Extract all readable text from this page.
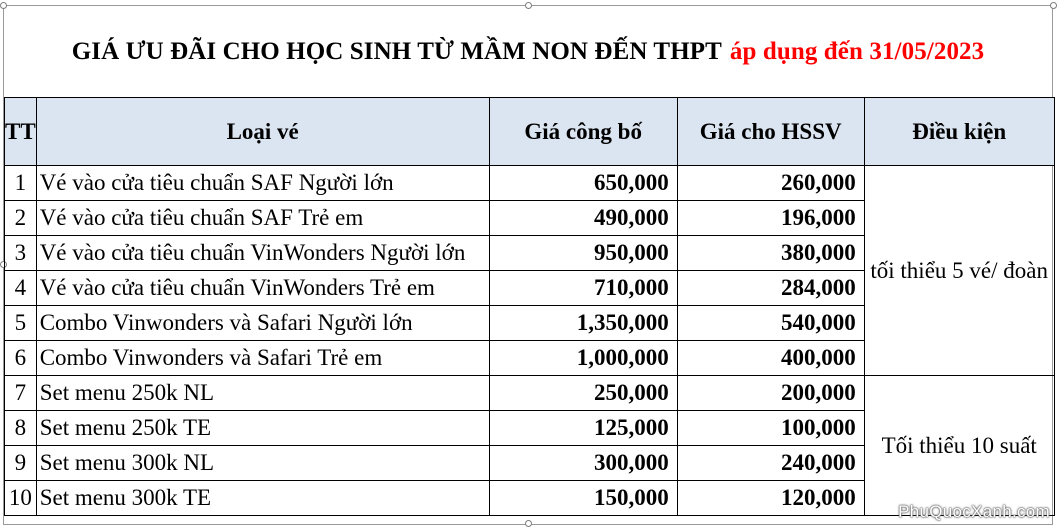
GIÁ ƯU ĐÃI CHO HỌC SINH TỪ MẦM NON ĐẾN THPT áp dụng đến 31/05/2023
TT	Loại vé	Giá công bố	Giá cho HSSV	Điều kiện
1	Vé vào cửa tiêu chuẩn SAF Người lớn	650,000	260,000	tối thiểu 5 vé/ đoàn
2	Vé vào cửa tiêu chuẩn SAF Trẻ em	490,000	196,000	
3	Vé vào cửa tiêu chuẩn VinWonders Người lớn	950,000	380,000	
4	Vé vào cửa tiêu chuẩn VinWonders Trẻ em	710,000	284,000	
5	Combo Vinwonders và Safari Người lớn	1,350,000	540,000	
6	Combo Vinwonders và Safari Trẻ em	1,000,000	400,000	
7	Set menu 250k NL	250,000	200,000	Tối thiểu 10 suất
8	Set menu 250k TE	125,000	100,000	
9	Set menu 300k NL	300,000	240,000	
10	Set menu 300k TE	150,000	120,000	
PhuQuocXanh.com
